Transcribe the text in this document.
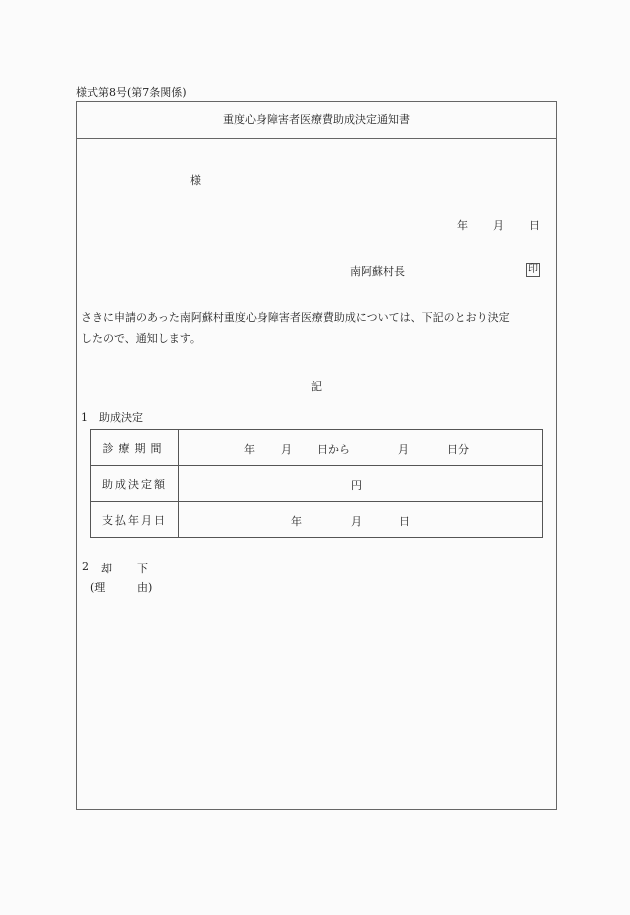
様式第8号(第7条関係)
重度心身障害者医療費助成決定通知書
様
年 月 日
南阿蘇村長	印
さきに申請のあった南阿蘇村重度心身障害者医療費助成については、下記のとおり決定
したので、通知します。
記
1　助成決定
診療期間	年 月 日から 月 日分

助成決定額	円

支払年月日	年 月 日
2 却 下
(理	由)
